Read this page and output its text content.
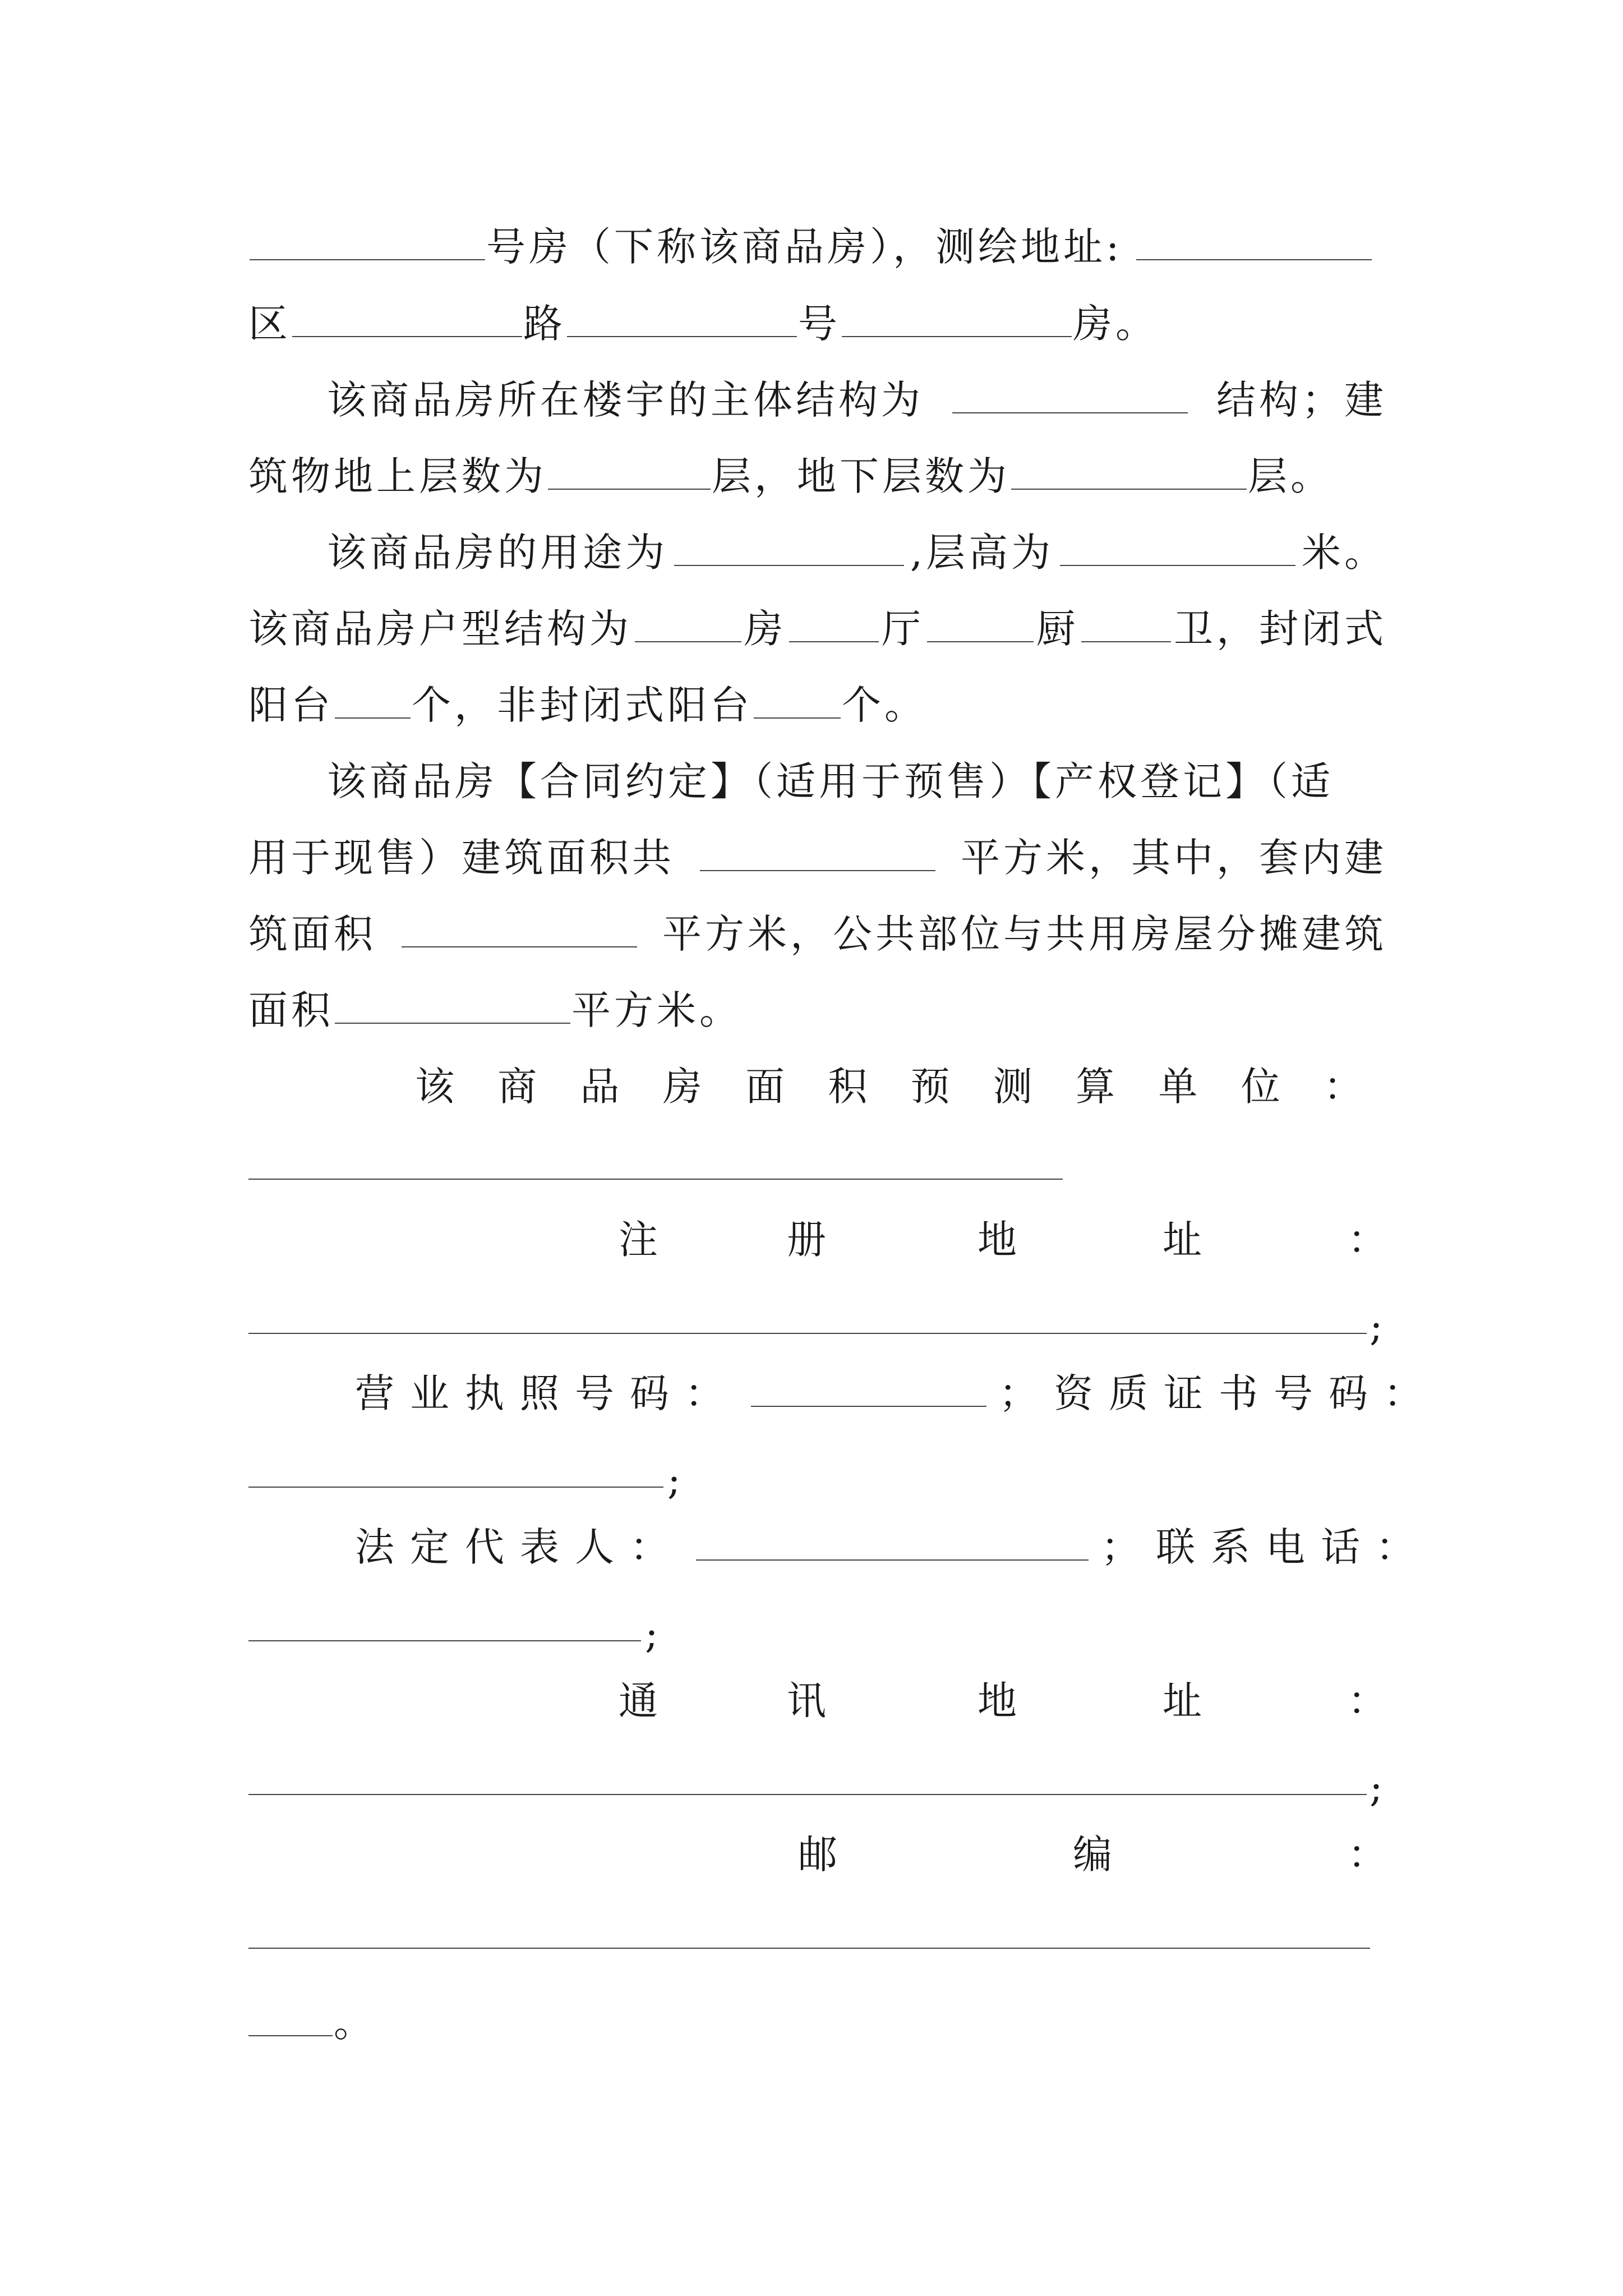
号房（下称该商品房），测绘地址:
区	路	号	房。
该商品房所在楼宇的主体结构为	结构；建
筑物地上层数为	层，地下层数为	层。
该商品房的用途为	,层高为	米。
该商品房户型结构为	房 厅	厨 卫，封闭式
阳台 个，非封闭式阳台 个。
该商品房【合同约定】（适用于预售）【产权登记】（适
用于现售）建筑面积共	平方米，其中，套内建
筑面积	平方米，公共部位与共用房屋分摊建筑
面积	平方米。
该 商 品 房 面 积 预 测 算 单 位 ：
注	册	地	址	：
;
营业执照号码：	；资质证书号码：
;
法定代表人：	；联系电话：
;
通	讯	地	址	：
;
邮	编	：
。
